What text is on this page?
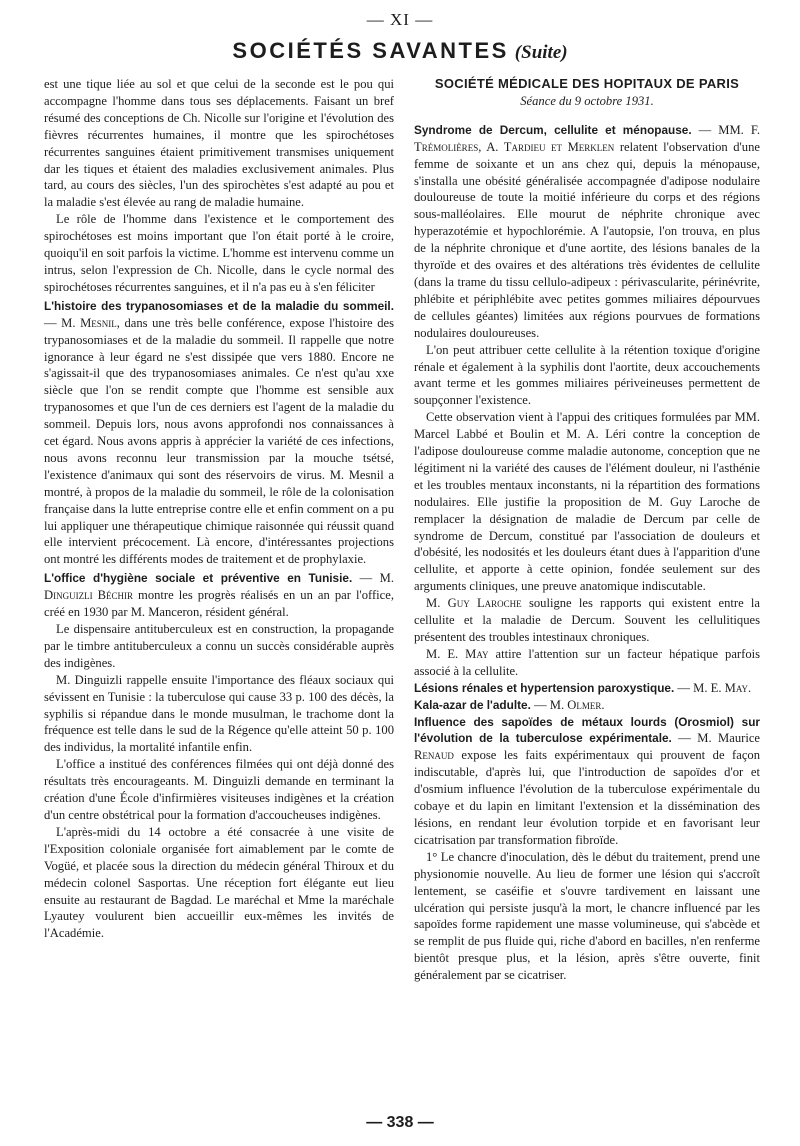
— XI —
SOCIÉTÉS SAVANTES (Suite)

est une tique liée au sol et que celui de la seconde est le pou qui accompagne l'homme dans tous ses déplacements. Faisant un bref résumé des conceptions de Ch. Nicolle sur l'origine et l'évolution des fièvres récurrentes humaines, il montre que les spirochétoses récurrentes sanguines étaient primitivement transmises uniquement dar les tiques et étaient des maladies exclusivement animales. Plus tard, au cours des siècles, l'un des spirochètes s'est adapté au pou et la maladie s'est élevée au rang de maladie humaine.

Le rôle de l'homme dans l'existence et le comportement des spirochétoses est moins important que l'on était porté à le croire, quoiqu'il en soit parfois la victime. L'homme est intervenu comme un intrus, selon l'expression de Ch. Nicolle, dans le cycle normal des spirochétoses récurrentes sanguines, et il n'a pas eu à s'en féliciter

L'histoire des trypanosomiases et de la maladie du sommeil. — M. Mesnil, dans une très belle conférence, expose l'histoire des trypanosomiases et de la maladie du sommeil. Il rappelle que notre ignorance à leur égard ne s'est dissipée que vers 1880. Encore ne s'agissait-il que des trypanosomiases animales. Ce n'est qu'au xxe siècle que l'on se rendit compte que l'homme est sensible aux trypanosomes et que l'un de ces derniers est l'agent de la maladie du sommeil. Depuis lors, nous avons approfondi nos connaissances à cet égard. Nous avons appris à apprécier la variété de ces infections, nous avons reconnu leur transmission par la mouche tsétsé, l'existence d'animaux qui sont des réservoirs de virus. M. Mesnil a montré, à propos de la maladie du sommeil, le rôle de la colonisation française dans la lutte entreprise contre elle et enfin comment on a pu lui appliquer une thérapeutique chimique raisonnée qui réussit quand elle intervient précocement. Là encore, d'intéressantes projections ont montré les différents modes de traitement et de prophylaxie.

L'office d'hygiène sociale et préventive en Tunisie. — M. Dinguizli Béchir montre les progrès réalisés en un an par l'office, créé en 1930 par M. Manceron, résident général.

Le dispensaire antituberculeux est en construction, la propagande par le timbre antituberculeux a connu un succès considérable auprès des indigènes.

M. Dinguizli rappelle ensuite l'importance des fléaux sociaux qui sévissent en Tunisie : la tuberculose qui cause 33 p. 100 des décès, la syphilis si répandue dans le monde musulman, le trachome dont la fréquence est telle dans le sud de la Régence qu'elle atteint 50 p. 100 des individus, la mortalité infantile enfin.

L'office a institué des conférences filmées qui ont déjà donné des résultats très encourageants. M. Dinguizli demande en terminant la création d'une École d'infirmières visiteuses indigènes et la création d'un centre obstétrical pour la formation d'accoucheuses indigènes.

L'après-midi du 14 octobre a été consacrée à une visite de l'Exposition coloniale organisée fort aimablement par le comte de Vogüé, et placée sous la direction du médecin général Thiroux et du médecin colonel Sasportas. Une réception fort élégante eut lieu ensuite au restaurant de Bagdad. Le maréchal et Mme la maréchale Lyautey voulurent bien accueillir eux-mêmes les invités de l'Académie.

SOCIÉTÉ MÉDICALE DES HOPITAUX DE PARIS
Séance du 9 octobre 1931.

Syndrome de Dercum, cellulite et ménopause. — MM. F. Trémolières, A. Tardieu et Merklen relatent l'observation d'une femme de soixante et un ans chez qui, depuis la ménopause, s'installa une obésité généralisée accompagnée d'adipose nodulaire douloureuse de toute la moitié inférieure du corps et des régions sous-malléolaires. Elle mourut de néphrite chronique avec hyperazotémie et hypochlorémie. A l'autopsie, l'on trouva, en plus de la néphrite chronique et d'une aortite, des lésions banales de la thyroïde et des ovaires et des altérations très évidentes de cellulite (dans la trame du tissu cellulo-adipeux : périvascularite, périnévrite, phlébite et périphlébite avec petites gommes miliaires dépourvues de cellules géantes) limitées aux régions pourvues de formations nodulaires douloureuses.

L'on peut attribuer cette cellulite à la rétention toxique d'origine rénale et également à la syphilis dont l'aortite, deux accouchements avant terme et les gommes miliaires périveineuses permettent de soupçonner l'existence.

Cette observation vient à l'appui des critiques formulées par MM. Marcel Labbé et Boulin et M. A. Léri contre la conception de l'adipose douloureuse comme maladie autonome, conception que ne légitiment ni la variété des causes de l'élément douleur, ni l'asthénie et les troubles mentaux inconstants, ni la répartition des formations nodulaires. Elle justifie la proposition de M. Guy Laroche de remplacer la désignation de maladie de Dercum par celle de syndrome de Dercum, constitué par l'association de douleurs et d'obésité, les nodosités et les douleurs étant dues à l'apparition d'une cellulite, et apporte à cette opinion, fondée seulement sur des arguments cliniques, une preuve anatomique indiscutable.

M. Guy Laroche souligne les rapports qui existent entre la cellulite et la maladie de Dercum. Souvent les cellulitiques présentent des troubles intestinaux chroniques.

M. E. May attire l'attention sur un facteur hépatique parfois associé à la cellulite.

Lésions rénales et hypertension paroxystique. — M. E. May.

Kala-azar de l'adulte. — M. Olmer.

Influence des sapoïdes de métaux lourds (Orosmiol) sur l'évolution de la tuberculose expérimentale. — M. Maurice Renaud expose les faits expérimentaux qui prouvent de façon indiscutable, d'après lui, que l'introduction de sapoïdes d'or et d'osmium influence l'évolution de la tuberculose expérimentale du cobaye et du lapin en limitant l'extension et la dissémination des lésions, en rendant leur évolution torpide et en favorisant leur cicatrisation par transformation fibroïde.

1° Le chancre d'inoculation, dès le début du traitement, prend une physionomie nouvelle. Au lieu de former une lésion qui s'accroît lentement, se caséifie et s'ouvre tardivement en laissant une ulcération qui persiste jusqu'à la mort, le chancre influencé par les sapoïdes forme rapidement une masse volumineuse, qui s'abcède et se remplit de pus fluide qui, riche d'abord en bacilles, n'en renferme bientôt presque plus, et la lésion, après s'être ouverte, finit généralement par se cicatriser.

— 338 —
